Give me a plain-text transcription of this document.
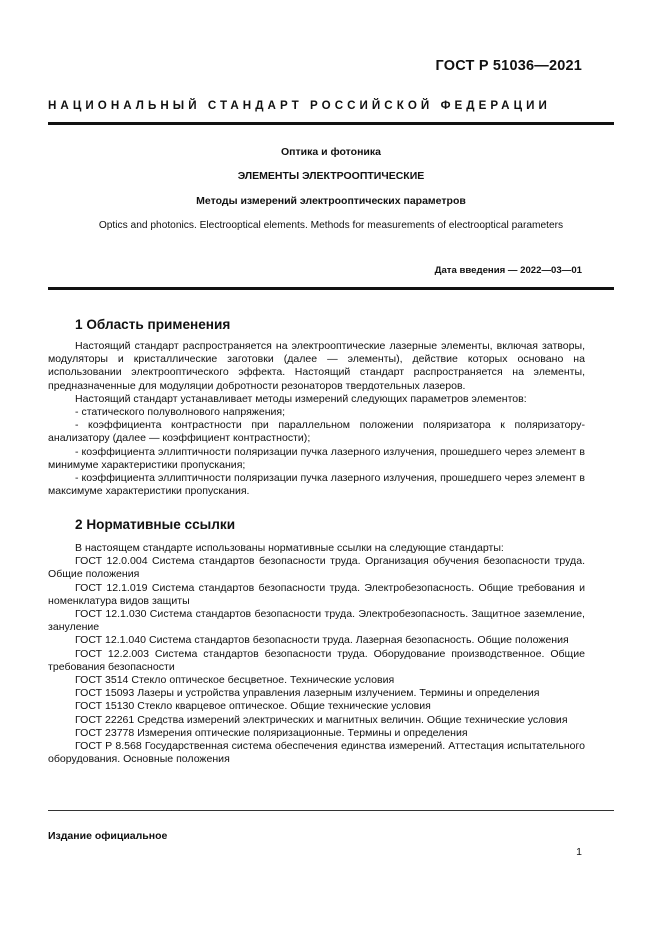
ГОСТ Р 51036—2021
НАЦИОНАЛЬНЫЙ СТАНДАРТ РОССИЙСКОЙ ФЕДЕРАЦИИ
Оптика и фотоника
ЭЛЕМЕНТЫ ЭЛЕКТРООПТИЧЕСКИЕ
Методы измерений электрооптических параметров
Optics and photonics. Electrooptical elements. Methods for measurements of electrooptical parameters
Дата введения — 2022—03—01
1 Область применения

Настоящий стандарт распространяется на электрооптические лазерные элементы, включая затворы, модуляторы и кристаллические заготовки (далее — элементы), действие которых основано на использовании электрооптического эффекта. Настоящий стандарт распространяется на элементы, предназначенные для модуляции добротности резонаторов твердотельных лазеров.

Настоящий стандарт устанавливает методы измерений следующих параметров элементов:

- статического полуволнового напряжения;

- коэффициента контрастности при параллельном положении поляризатора к поляризатору-анализатору (далее — коэффициент контрастности);

- коэффициента эллиптичности поляризации пучка лазерного излучения, прошедшего через элемент в минимуме характеристики пропускания;

- коэффициента эллиптичности поляризации пучка лазерного излучения, прошедшего через элемент в максимуме характеристики пропускания.

2 Нормативные ссылки

В настоящем стандарте использованы нормативные ссылки на следующие стандарты:

ГОСТ 12.0.004 Система стандартов безопасности труда. Организация обучения безопасности труда. Общие положения

ГОСТ 12.1.019 Система стандартов безопасности труда. Электробезопасность. Общие требования и номенклатура видов защиты

ГОСТ 12.1.030 Система стандартов безопасности труда. Электробезопасность. Защитное заземление, зануление

ГОСТ 12.1.040 Система стандартов безопасности труда. Лазерная безопасность. Общие положения

ГОСТ 12.2.003 Система стандартов безопасности труда. Оборудование производственное. Общие требования безопасности

ГОСТ 3514 Стекло оптическое бесцветное. Технические условия

ГОСТ 15093 Лазеры и устройства управления лазерным излучением. Термины и определения

ГОСТ 15130 Стекло кварцевое оптическое. Общие технические условия

ГОСТ 22261 Средства измерений электрических и магнитных величин. Общие технические условия

ГОСТ 23778 Измерения оптические поляризационные. Термины и определения

ГОСТ Р 8.568 Государственная система обеспечения единства измерений. Аттестация испытательного оборудования. Основные положения

Издание официальное
1
